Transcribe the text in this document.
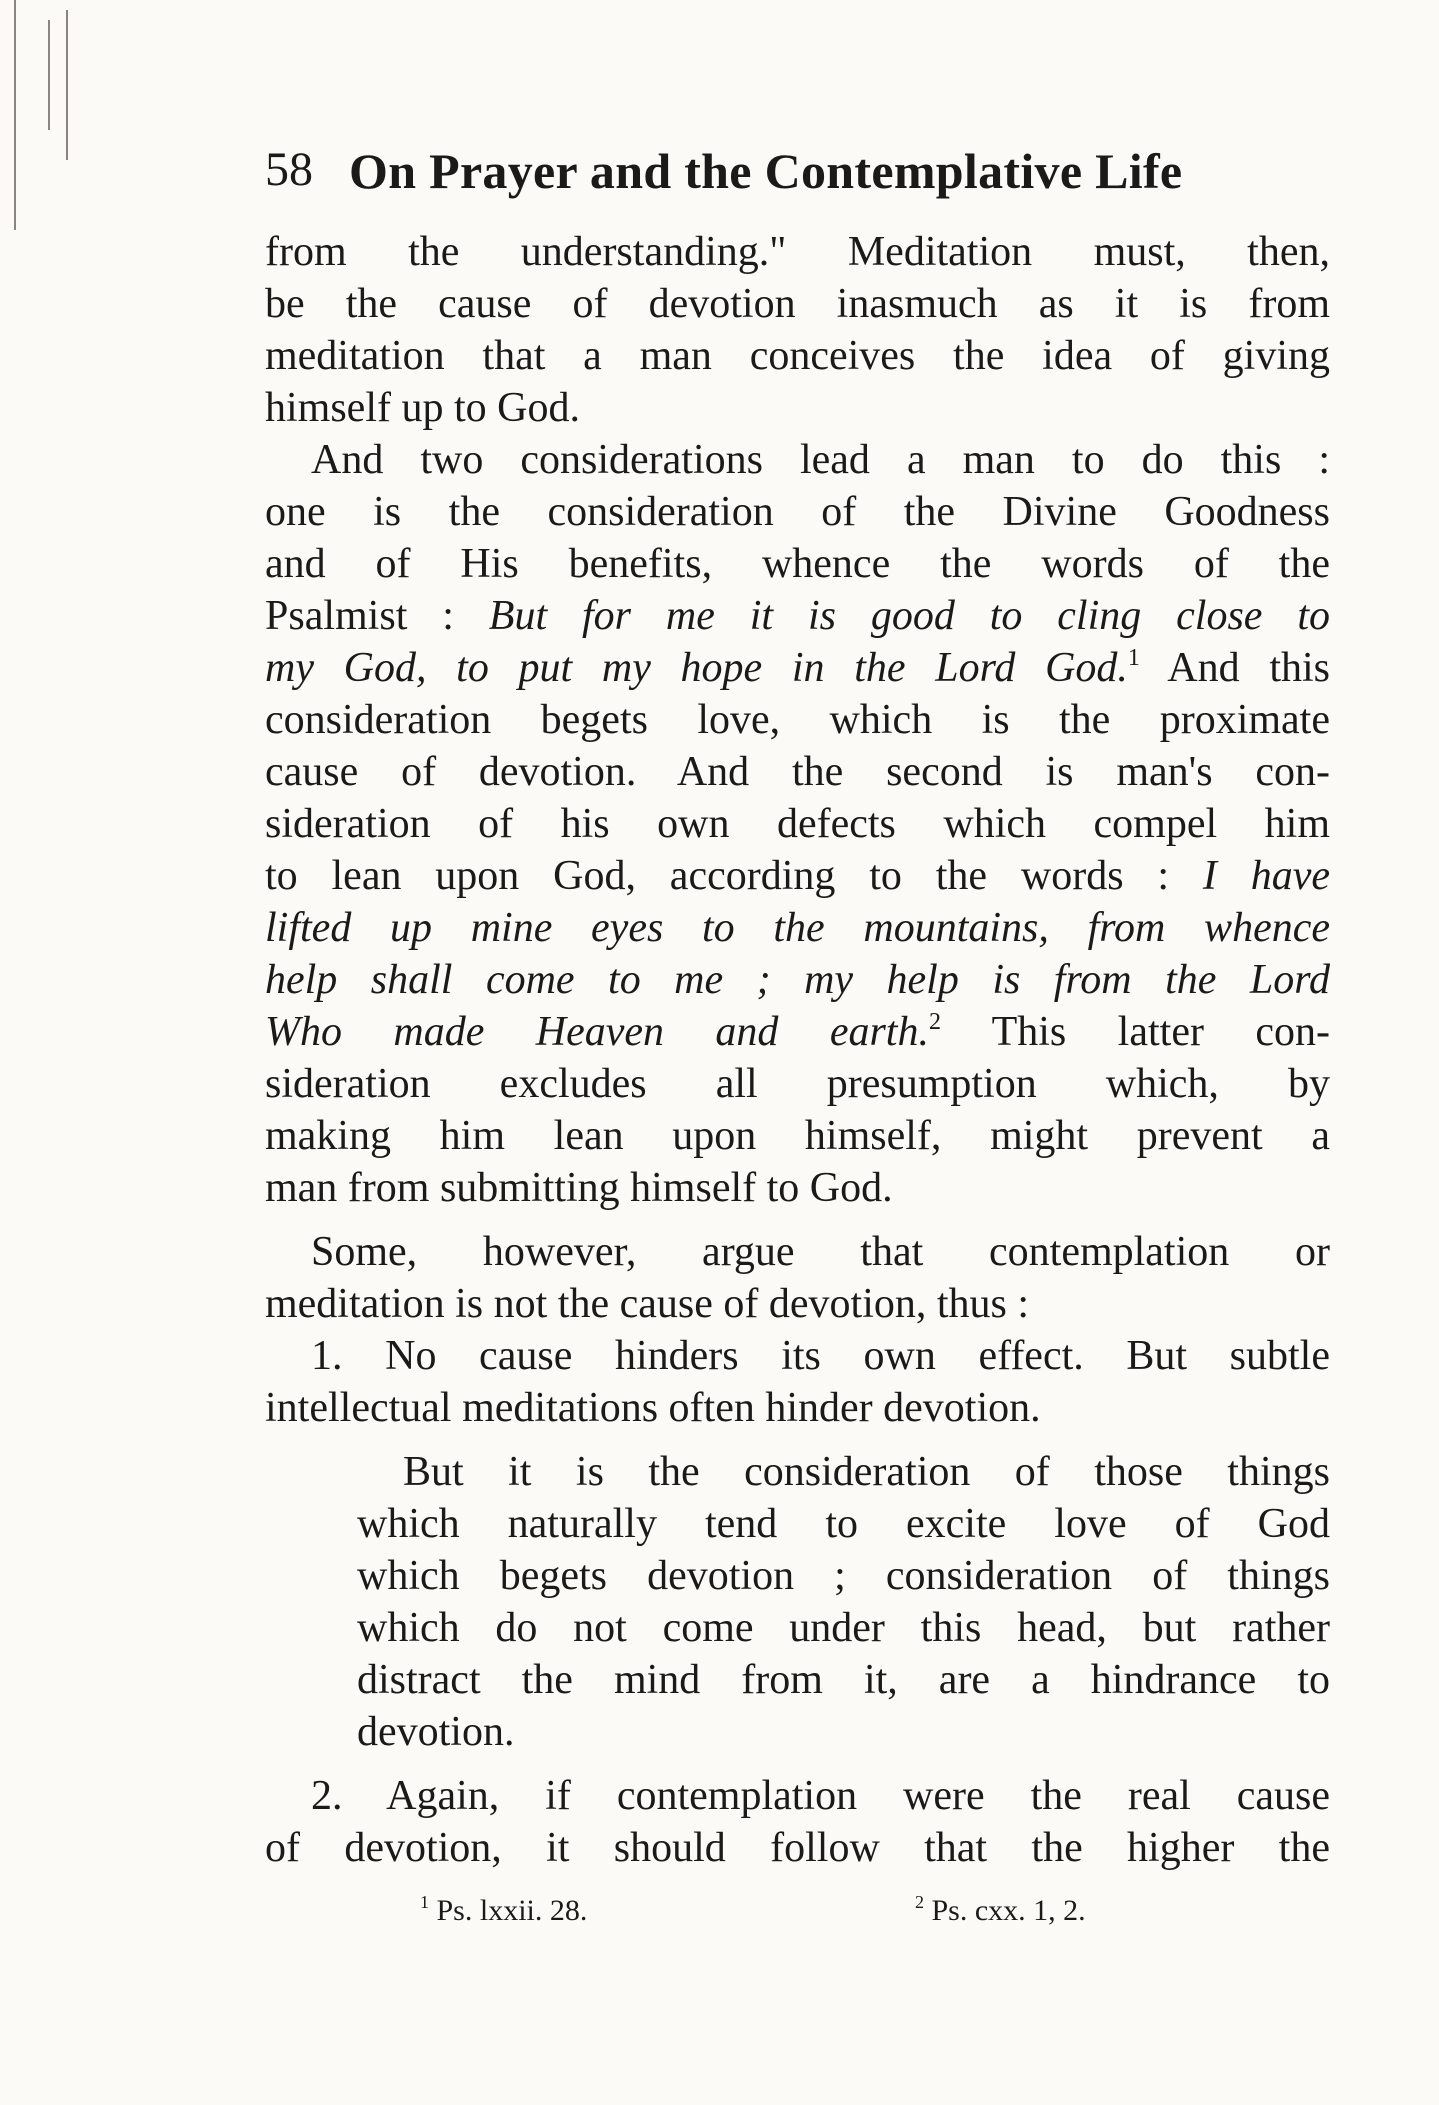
58 On Prayer and the Contemplative Life
from the understanding." Meditation must, then,
be the cause of devotion inasmuch as it is from
meditation that a man conceives the idea of giving
himself up to God.
And two considerations lead a man to do this :
one is the consideration of the Divine Goodness
and of His benefits, whence the words of the
Psalmist : But for me it is good to cling close to
my God, to put my hope in the Lord God.$^1$ And this
consideration begets love, which is the proximate
cause of devotion. And the second is man's con-
sideration of his own defects which compel him
to lean upon God, according to the words : I have
lifted up mine eyes to the mountains, from whence
help shall come to me ; my help is from the Lord
Who made Heaven and earth.$^2$ This latter con-
sideration excludes all presumption which, by
making him lean upon himself, might prevent a
man from submitting himself to God.
Some, however, argue that contemplation or
meditation is not the cause of devotion, thus :
1. No cause hinders its own effect. But subtle
intellectual meditations often hinder devotion.
But it is the consideration of those things
which naturally tend to excite love of God
which begets devotion ; consideration of things
which do not come under this head, but rather
distract the mind from it, are a hindrance to
devotion.
2. Again, if contemplation were the real cause
of devotion, it should follow that the higher the
$^1$ Ps. lxxii. 28.	$^2$ Ps. cxx. 1, 2.
